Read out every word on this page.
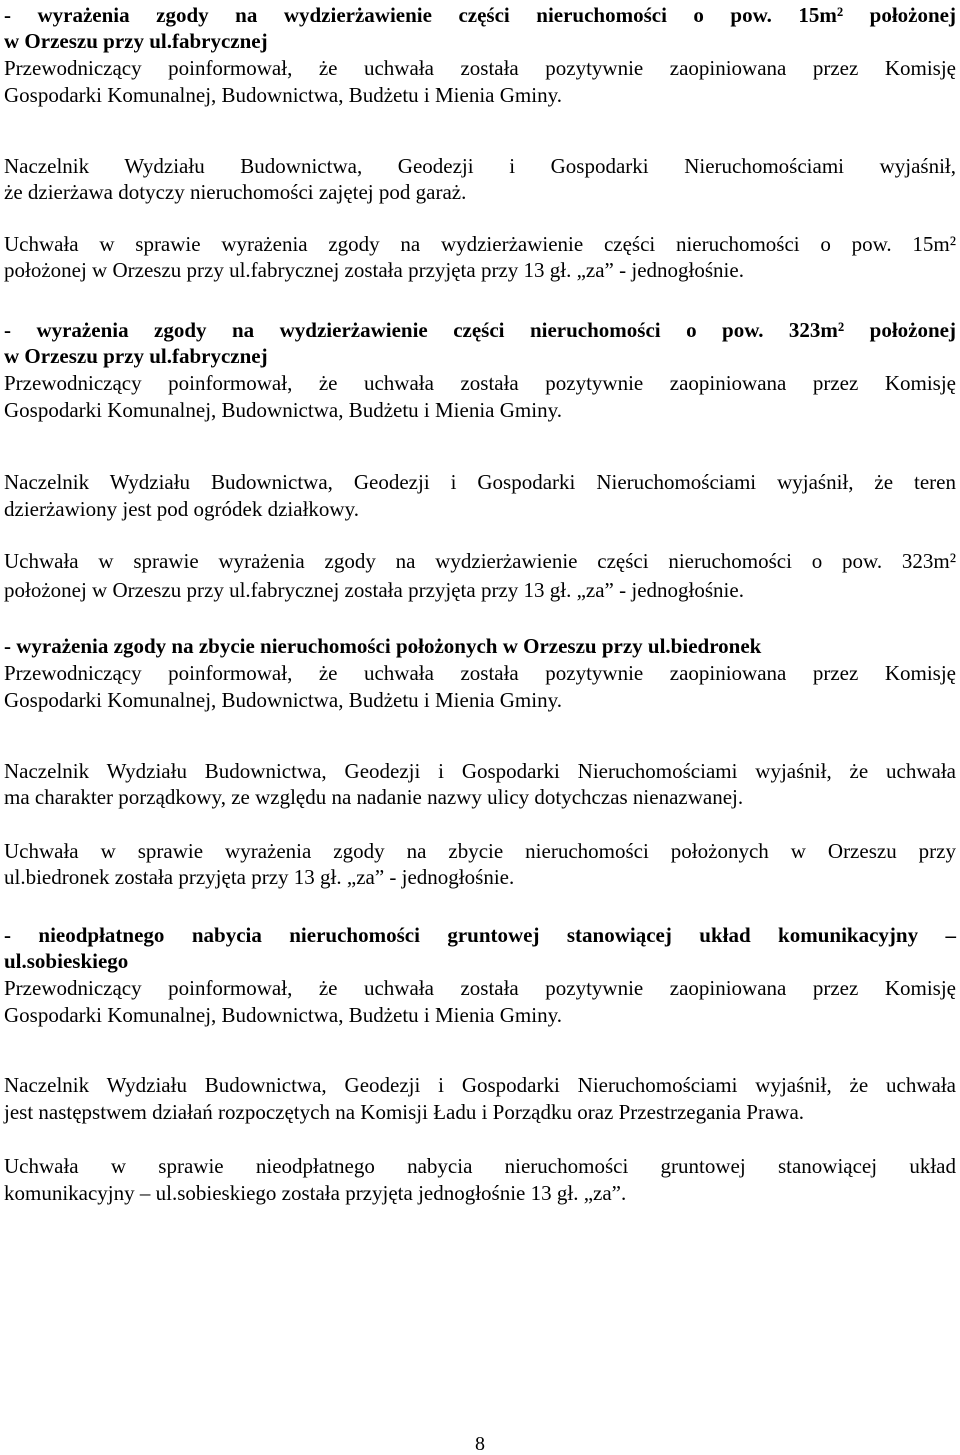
- wyrażenia zgody na wydzierżawienie części nieruchomości o pow. 15m² położonej
w Orzeszu przy ul.fabrycznej
Przewodniczący poinformował, że uchwała została pozytywnie zaopiniowana przez Komisję
Gospodarki Komunalnej, Budownictwa, Budżetu i Mienia Gminy.
Naczelnik Wydziału Budownictwa, Geodezji i Gospodarki Nieruchomościami wyjaśnił,
że dzierżawa dotyczy nieruchomości zajętej pod garaż.
Uchwała w sprawie wyrażenia zgody na wydzierżawienie części nieruchomości o pow. 15m²
położonej w Orzeszu przy ul.fabrycznej została przyjęta przy 13 gł. „za” - jednogłośnie.
- wyrażenia zgody na wydzierżawienie części nieruchomości o pow. 323m² położonej
w Orzeszu przy ul.fabrycznej
Przewodniczący poinformował, że uchwała została pozytywnie zaopiniowana przez Komisję
Gospodarki Komunalnej, Budownictwa, Budżetu i Mienia Gminy.
Naczelnik Wydziału Budownictwa, Geodezji i Gospodarki Nieruchomościami wyjaśnił, że teren
dzierżawiony jest pod ogródek działkowy.
Uchwała w sprawie wyrażenia zgody na wydzierżawienie części nieruchomości o pow. 323m²
położonej w Orzeszu przy ul.fabrycznej została przyjęta przy 13 gł. „za” - jednogłośnie.
- wyrażenia zgody na zbycie nieruchomości położonych w Orzeszu przy ul.biedronek
Przewodniczący poinformował, że uchwała została pozytywnie zaopiniowana przez Komisję
Gospodarki Komunalnej, Budownictwa, Budżetu i Mienia Gminy.
Naczelnik Wydziału Budownictwa, Geodezji i Gospodarki Nieruchomościami wyjaśnił, że uchwała
ma charakter porządkowy, ze względu na nadanie nazwy ulicy dotychczas nienazwanej.
Uchwała w sprawie wyrażenia zgody na zbycie nieruchomości położonych w Orzeszu przy
ul.biedronek została przyjęta przy 13 gł. „za” - jednogłośnie.
- nieodpłatnego nabycia nieruchomości gruntowej stanowiącej układ komunikacyjny –
ul.sobieskiego
Przewodniczący poinformował, że uchwała została pozytywnie zaopiniowana przez Komisję
Gospodarki Komunalnej, Budownictwa, Budżetu i Mienia Gminy.
Naczelnik Wydziału Budownictwa, Geodezji i Gospodarki Nieruchomościami wyjaśnił, że uchwała
jest następstwem działań rozpoczętych na Komisji Ładu i Porządku oraz Przestrzegania Prawa.
Uchwała w sprawie nieodpłatnego nabycia nieruchomości gruntowej stanowiącej układ
komunikacyjny – ul.sobieskiego została przyjęta jednogłośnie 13 gł. „za”.
8
